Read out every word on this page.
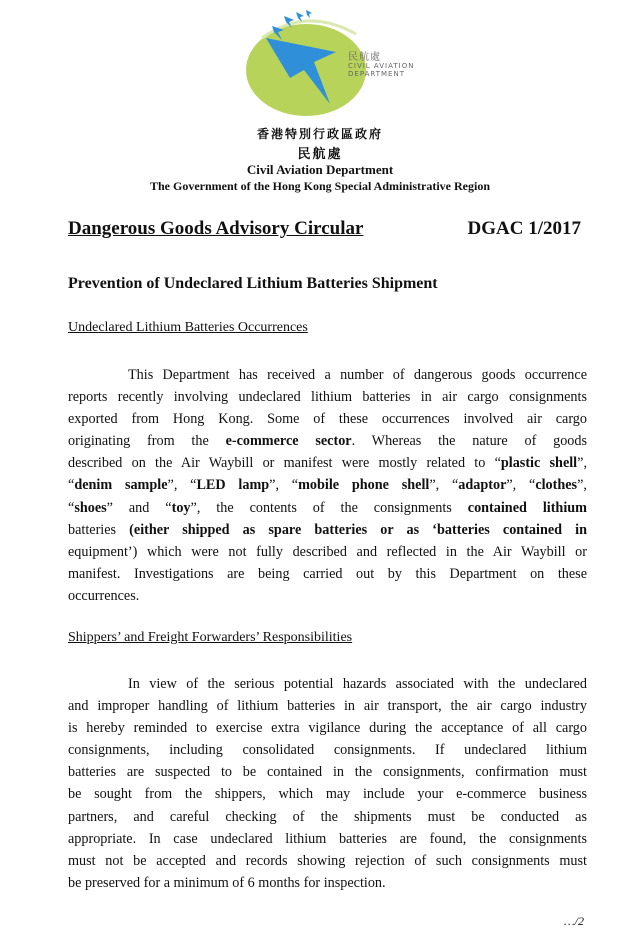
民航處
CIVIL AVIATION
DEPARTMENT
香港特別行政區政府
民航處
Civil Aviation Department
The Government of the Hong Kong Special Administrative Region
Dangerous Goods Advisory Circular	DGAC 1/2017
Prevention of Undeclared Lithium Batteries Shipment
Undeclared Lithium Batteries Occurrences
This Department has received a number of dangerous goods occurrence
reports recently involving undeclared lithium batteries in air cargo consignments
exported from Hong Kong. Some of these occurrences involved air cargo
originating from the e-commerce sector. Whereas the nature of goods
described on the Air Waybill or manifest were mostly related to “plastic shell”,
“denim sample”, “LED lamp”, “mobile phone shell”, “adaptor”, “clothes”,
“shoes” and “toy”, the contents of the consignments contained lithium
batteries (either shipped as spare batteries or as ‘batteries contained in
equipment’) which were not fully described and reflected in the Air Waybill or
manifest. Investigations are being carried out by this Department on these
occurrences.
Shippers’ and Freight Forwarders’ Responsibilities
In view of the serious potential hazards associated with the undeclared
and improper handling of lithium batteries in air transport, the air cargo industry
is hereby reminded to exercise extra vigilance during the acceptance of all cargo
consignments, including consolidated consignments. If undeclared lithium
batteries are suspected to be contained in the consignments, confirmation must
be sought from the shippers, which may include your e-commerce business
partners, and careful checking of the shipments must be conducted as
appropriate. In case undeclared lithium batteries are found, the consignments
must not be accepted and records showing rejection of such consignments must
be preserved for a minimum of 6 months for inspection.
…/2
